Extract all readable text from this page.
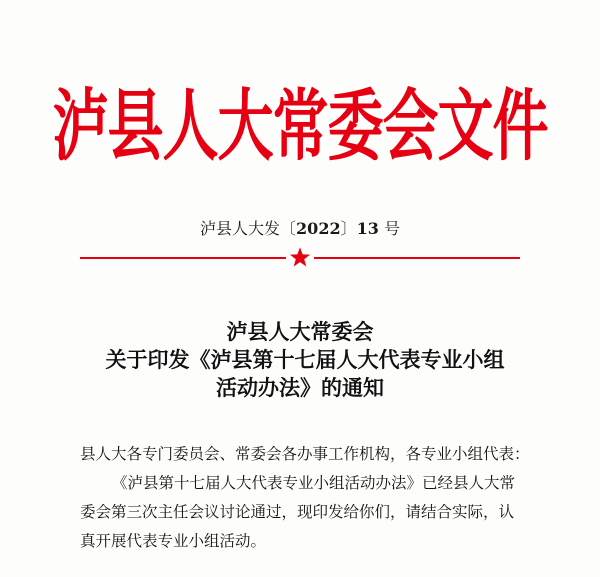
泸县人大常委会文件
泸县人大发〔2022〕13 号
泸县人大常委会
关于印发《泸县第十七届人大代表专业小组
活动办法》的通知
县人大各专门委员会、常委会各办事工作机构，各专业小组代表：
《泸县第十七届人大代表专业小组活动办法》已经县人大常
委会第三次主任会议讨论通过，现印发给你们，请结合实际，认
真开展代表专业小组活动。
